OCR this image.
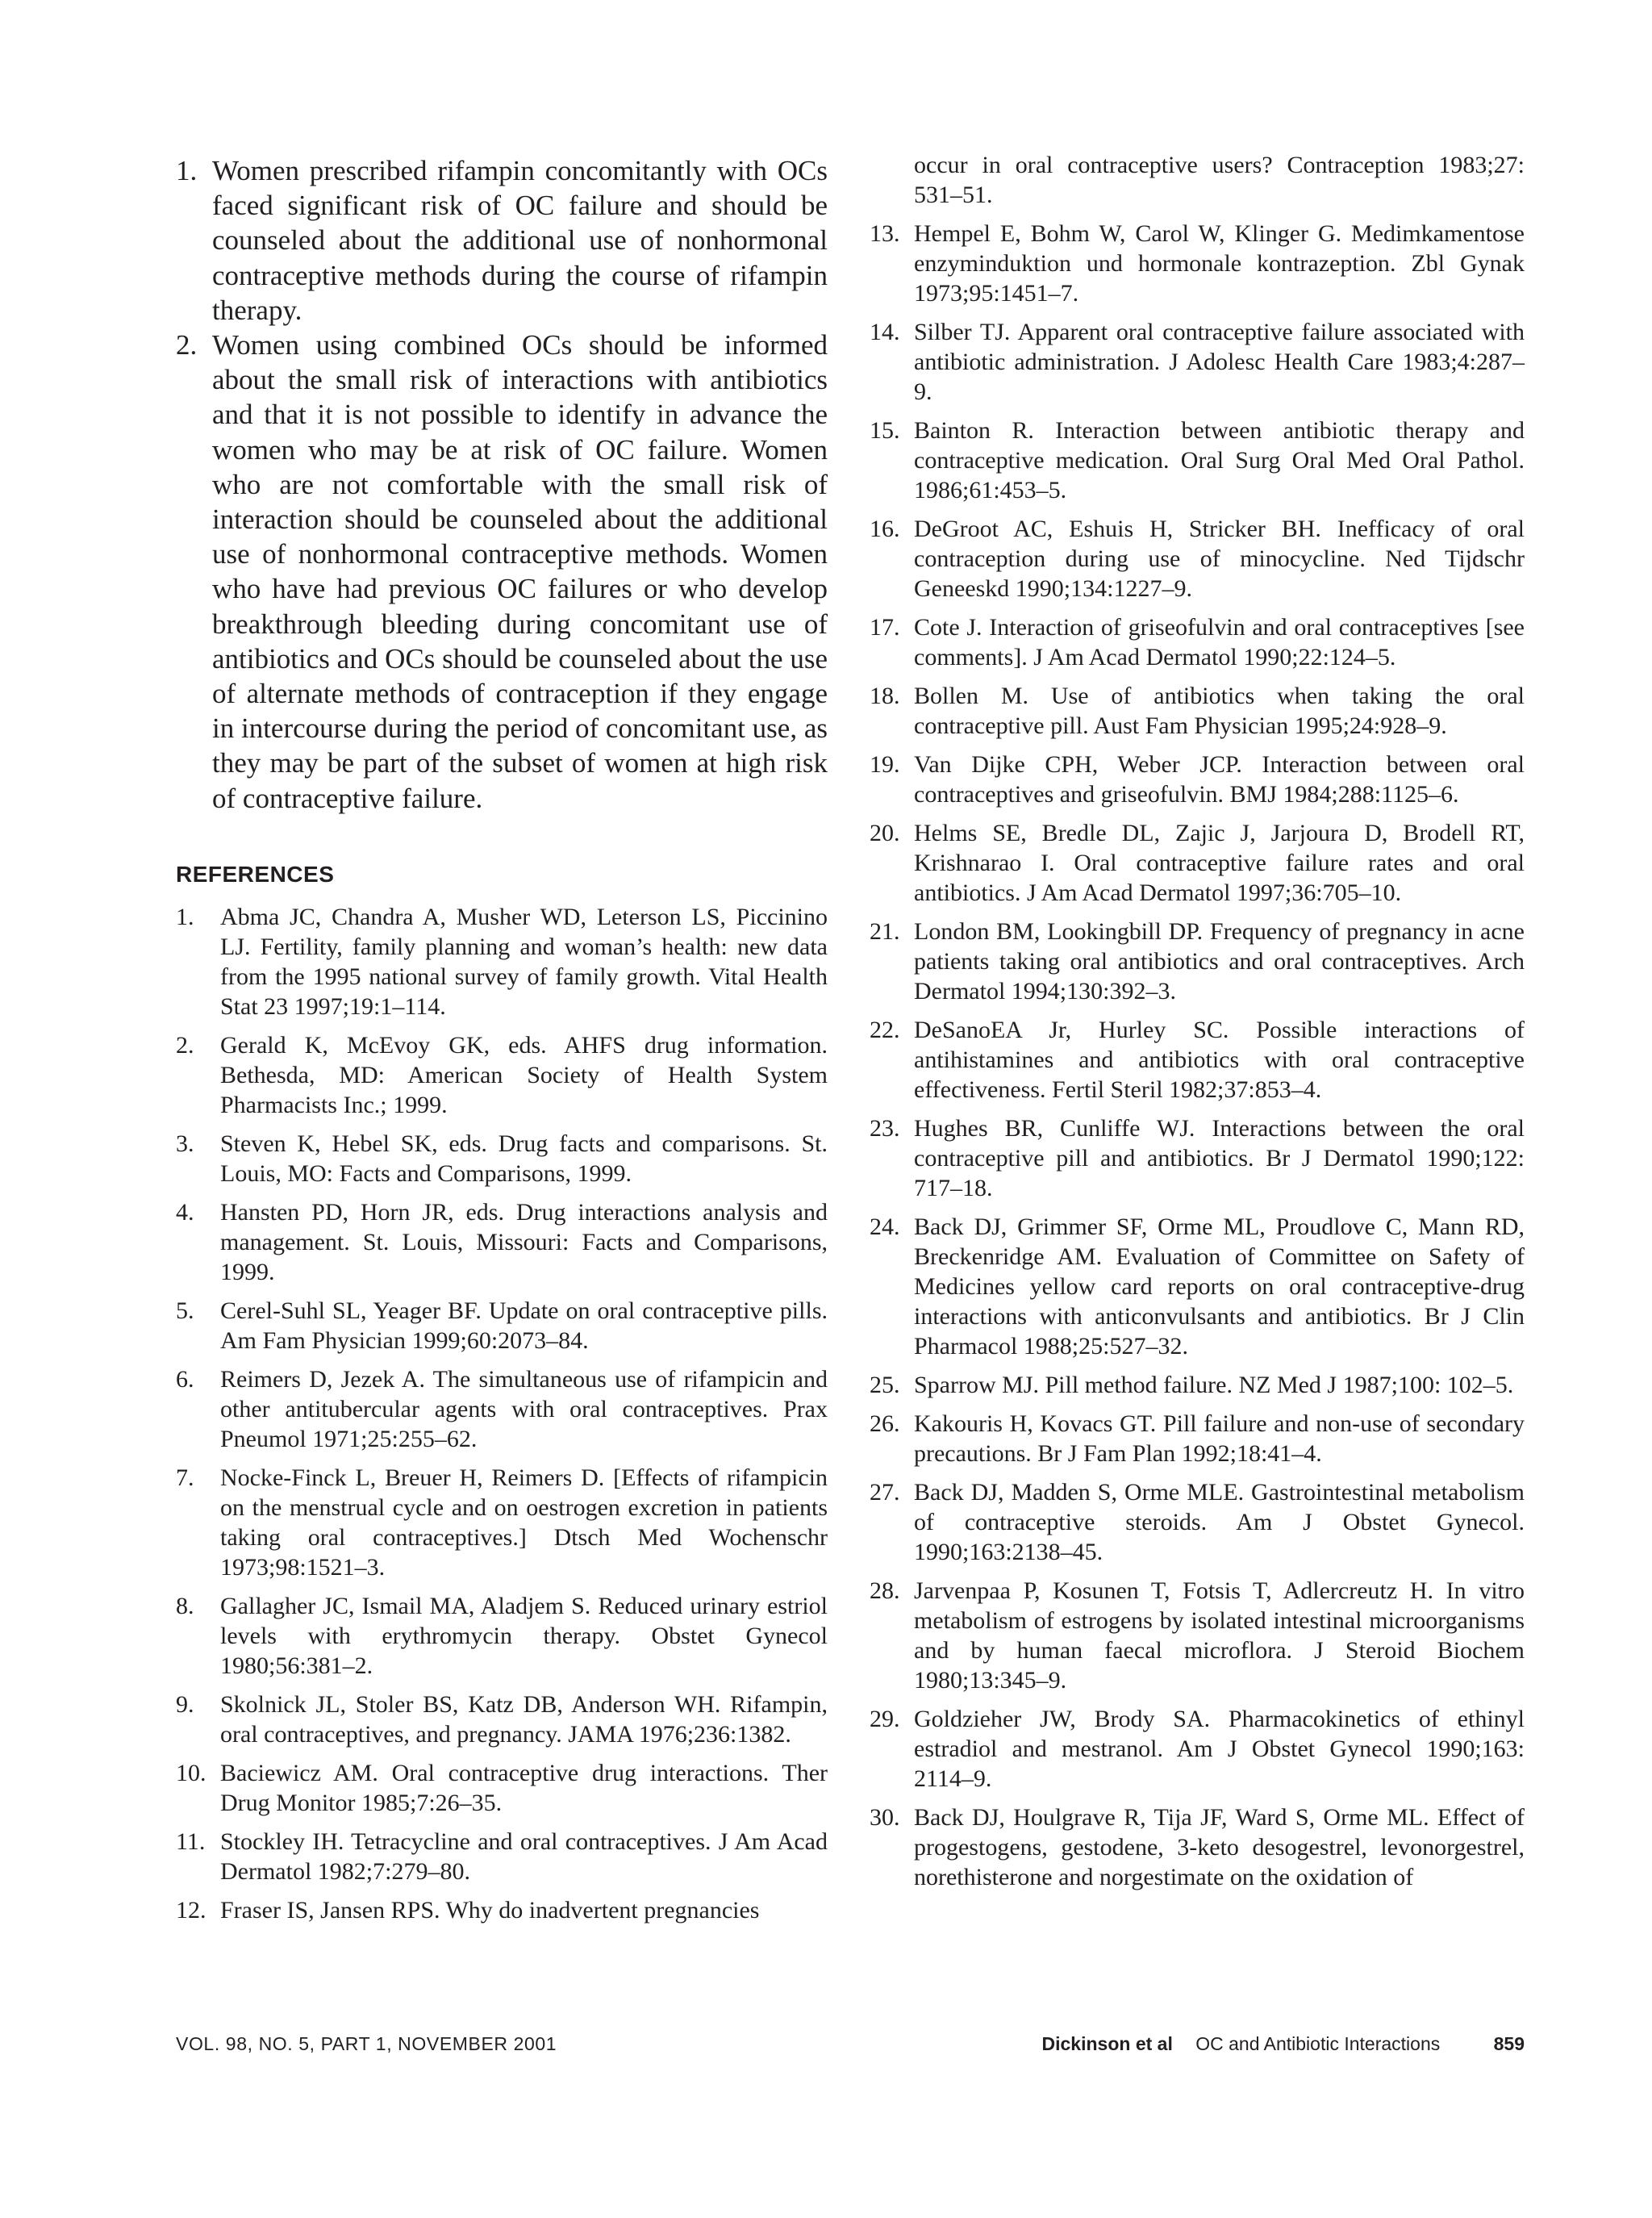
1. Women prescribed rifampin concomitantly with OCs faced significant risk of OC failure and should be counseled about the additional use of nonhormonal contraceptive methods during the course of rifampin therapy.
2. Women using combined OCs should be informed about the small risk of interactions with antibiotics and that it is not possible to identify in advance the women who may be at risk of OC failure. Women who are not comfortable with the small risk of interaction should be counseled about the additional use of nonhormonal contraceptive methods. Women who have had previous OC failures or who develop breakthrough bleeding during concomitant use of antibiotics and OCs should be counseled about the use of alternate methods of contraception if they engage in intercourse during the period of concomitant use, as they may be part of the subset of women at high risk of contraceptive failure.
REFERENCES
1.	Abma JC, Chandra A, Musher WD, Leterson LS, Piccinino LJ. Fertility, family planning and woman’s health: new data from the 1995 national survey of family growth. Vital Health Stat 23 1997;19:1–114.
2.	Gerald K, McEvoy GK, eds. AHFS drug information. Bethesda, MD: American Society of Health System Pharmacists Inc.; 1999.
3.	Steven K, Hebel SK, eds. Drug facts and comparisons. St. Louis, MO: Facts and Comparisons, 1999.
4.	Hansten PD, Horn JR, eds. Drug interactions analysis and management. St. Louis, Missouri: Facts and Comparisons, 1999.
5.	Cerel-Suhl SL, Yeager BF. Update on oral contraceptive pills. Am Fam Physician 1999;60:2073–84.
6.	Reimers D, Jezek A. The simultaneous use of rifampicin and other antitubercular agents with oral contraceptives. Prax Pneumol 1971;25:255–62.
7.	Nocke-Finck L, Breuer H, Reimers D. [Effects of rifampicin on the menstrual cycle and on oestrogen excretion in patients taking oral contraceptives.] Dtsch Med Wochenschr 1973;98:1521–3.
8.	Gallagher JC, Ismail MA, Aladjem S. Reduced urinary estriol levels with erythromycin therapy. Obstet Gynecol 1980;56:381–2.
9.	Skolnick JL, Stoler BS, Katz DB, Anderson WH. Rifampin, oral contraceptives, and pregnancy. JAMA 1976;236:1382.
10. Baciewicz AM. Oral contraceptive drug interactions. Ther Drug Monitor 1985;7:26–35.
11. Stockley IH. Tetracycline and oral contraceptives. J Am Acad Dermatol 1982;7:279–80.
12. Fraser IS, Jansen RPS. Why do inadvertent pregnancies
occur in oral contraceptive users? Contraception 1983;27: 531–51.
13. Hempel E, Bohm W, Carol W, Klinger G. Medimkamentose enzyminduktion und hormonale kontrazeption. Zbl Gynak 1973;95:1451–7.
14. Silber TJ. Apparent oral contraceptive failure associated with antibiotic administration. J Adolesc Health Care 1983;4:287–9.
15. Bainton R. Interaction between antibiotic therapy and contraceptive medication. Oral Surg Oral Med Oral Pathol. 1986;61:453–5.
16. DeGroot AC, Eshuis H, Stricker BH. Inefficacy of oral contraception during use of minocycline. Ned Tijdschr Geneeskd 1990;134:1227–9.
17. Cote J. Interaction of griseofulvin and oral contraceptives [see comments]. J Am Acad Dermatol 1990;22:124–5.
18. Bollen M. Use of antibiotics when taking the oral contraceptive pill. Aust Fam Physician 1995;24:928–9.
19. Van Dijke CPH, Weber JCP. Interaction between oral contraceptives and griseofulvin. BMJ 1984;288:1125–6.
20. Helms SE, Bredle DL, Zajic J, Jarjoura D, Brodell RT, Krishnarao I. Oral contraceptive failure rates and oral antibiotics. J Am Acad Dermatol 1997;36:705–10.
21. London BM, Lookingbill DP. Frequency of pregnancy in acne patients taking oral antibiotics and oral contraceptives. Arch Dermatol 1994;130:392–3.
22. DeSanoEA Jr, Hurley SC. Possible interactions of antihistamines and antibiotics with oral contraceptive effectiveness. Fertil Steril 1982;37:853–4.
23. Hughes BR, Cunliffe WJ. Interactions between the oral contraceptive pill and antibiotics. Br J Dermatol 1990;122: 717–18.
24. Back DJ, Grimmer SF, Orme ML, Proudlove C, Mann RD, Breckenridge AM. Evaluation of Committee on Safety of Medicines yellow card reports on oral contraceptive-drug interactions with anticonvulsants and antibiotics. Br J Clin Pharmacol 1988;25:527–32.
25. Sparrow MJ. Pill method failure. NZ Med J 1987;100: 102–5.
26. Kakouris H, Kovacs GT. Pill failure and non-use of secondary precautions. Br J Fam Plan 1992;18:41–4.
27. Back DJ, Madden S, Orme MLE. Gastrointestinal metabolism of contraceptive steroids. Am J Obstet Gynecol. 1990;163:2138–45.
28. Jarvenpaa P, Kosunen T, Fotsis T, Adlercreutz H. In vitro metabolism of estrogens by isolated intestinal microorganisms and by human faecal microflora. J Steroid Biochem 1980;13:345–9.
29. Goldzieher JW, Brody SA. Pharmacokinetics of ethinyl estradiol and mestranol. Am J Obstet Gynecol 1990;163: 2114–9.
30. Back DJ, Houlgrave R, Tija JF, Ward S, Orme ML. Effect of progestogens, gestodene, 3-keto desogestrel, levonorgestrel, norethisterone and norgestimate on the oxidation of
VOL. 98, NO. 5, PART 1, NOVEMBER 2001	Dickinson et al OC and Antibiotic Interactions	859
